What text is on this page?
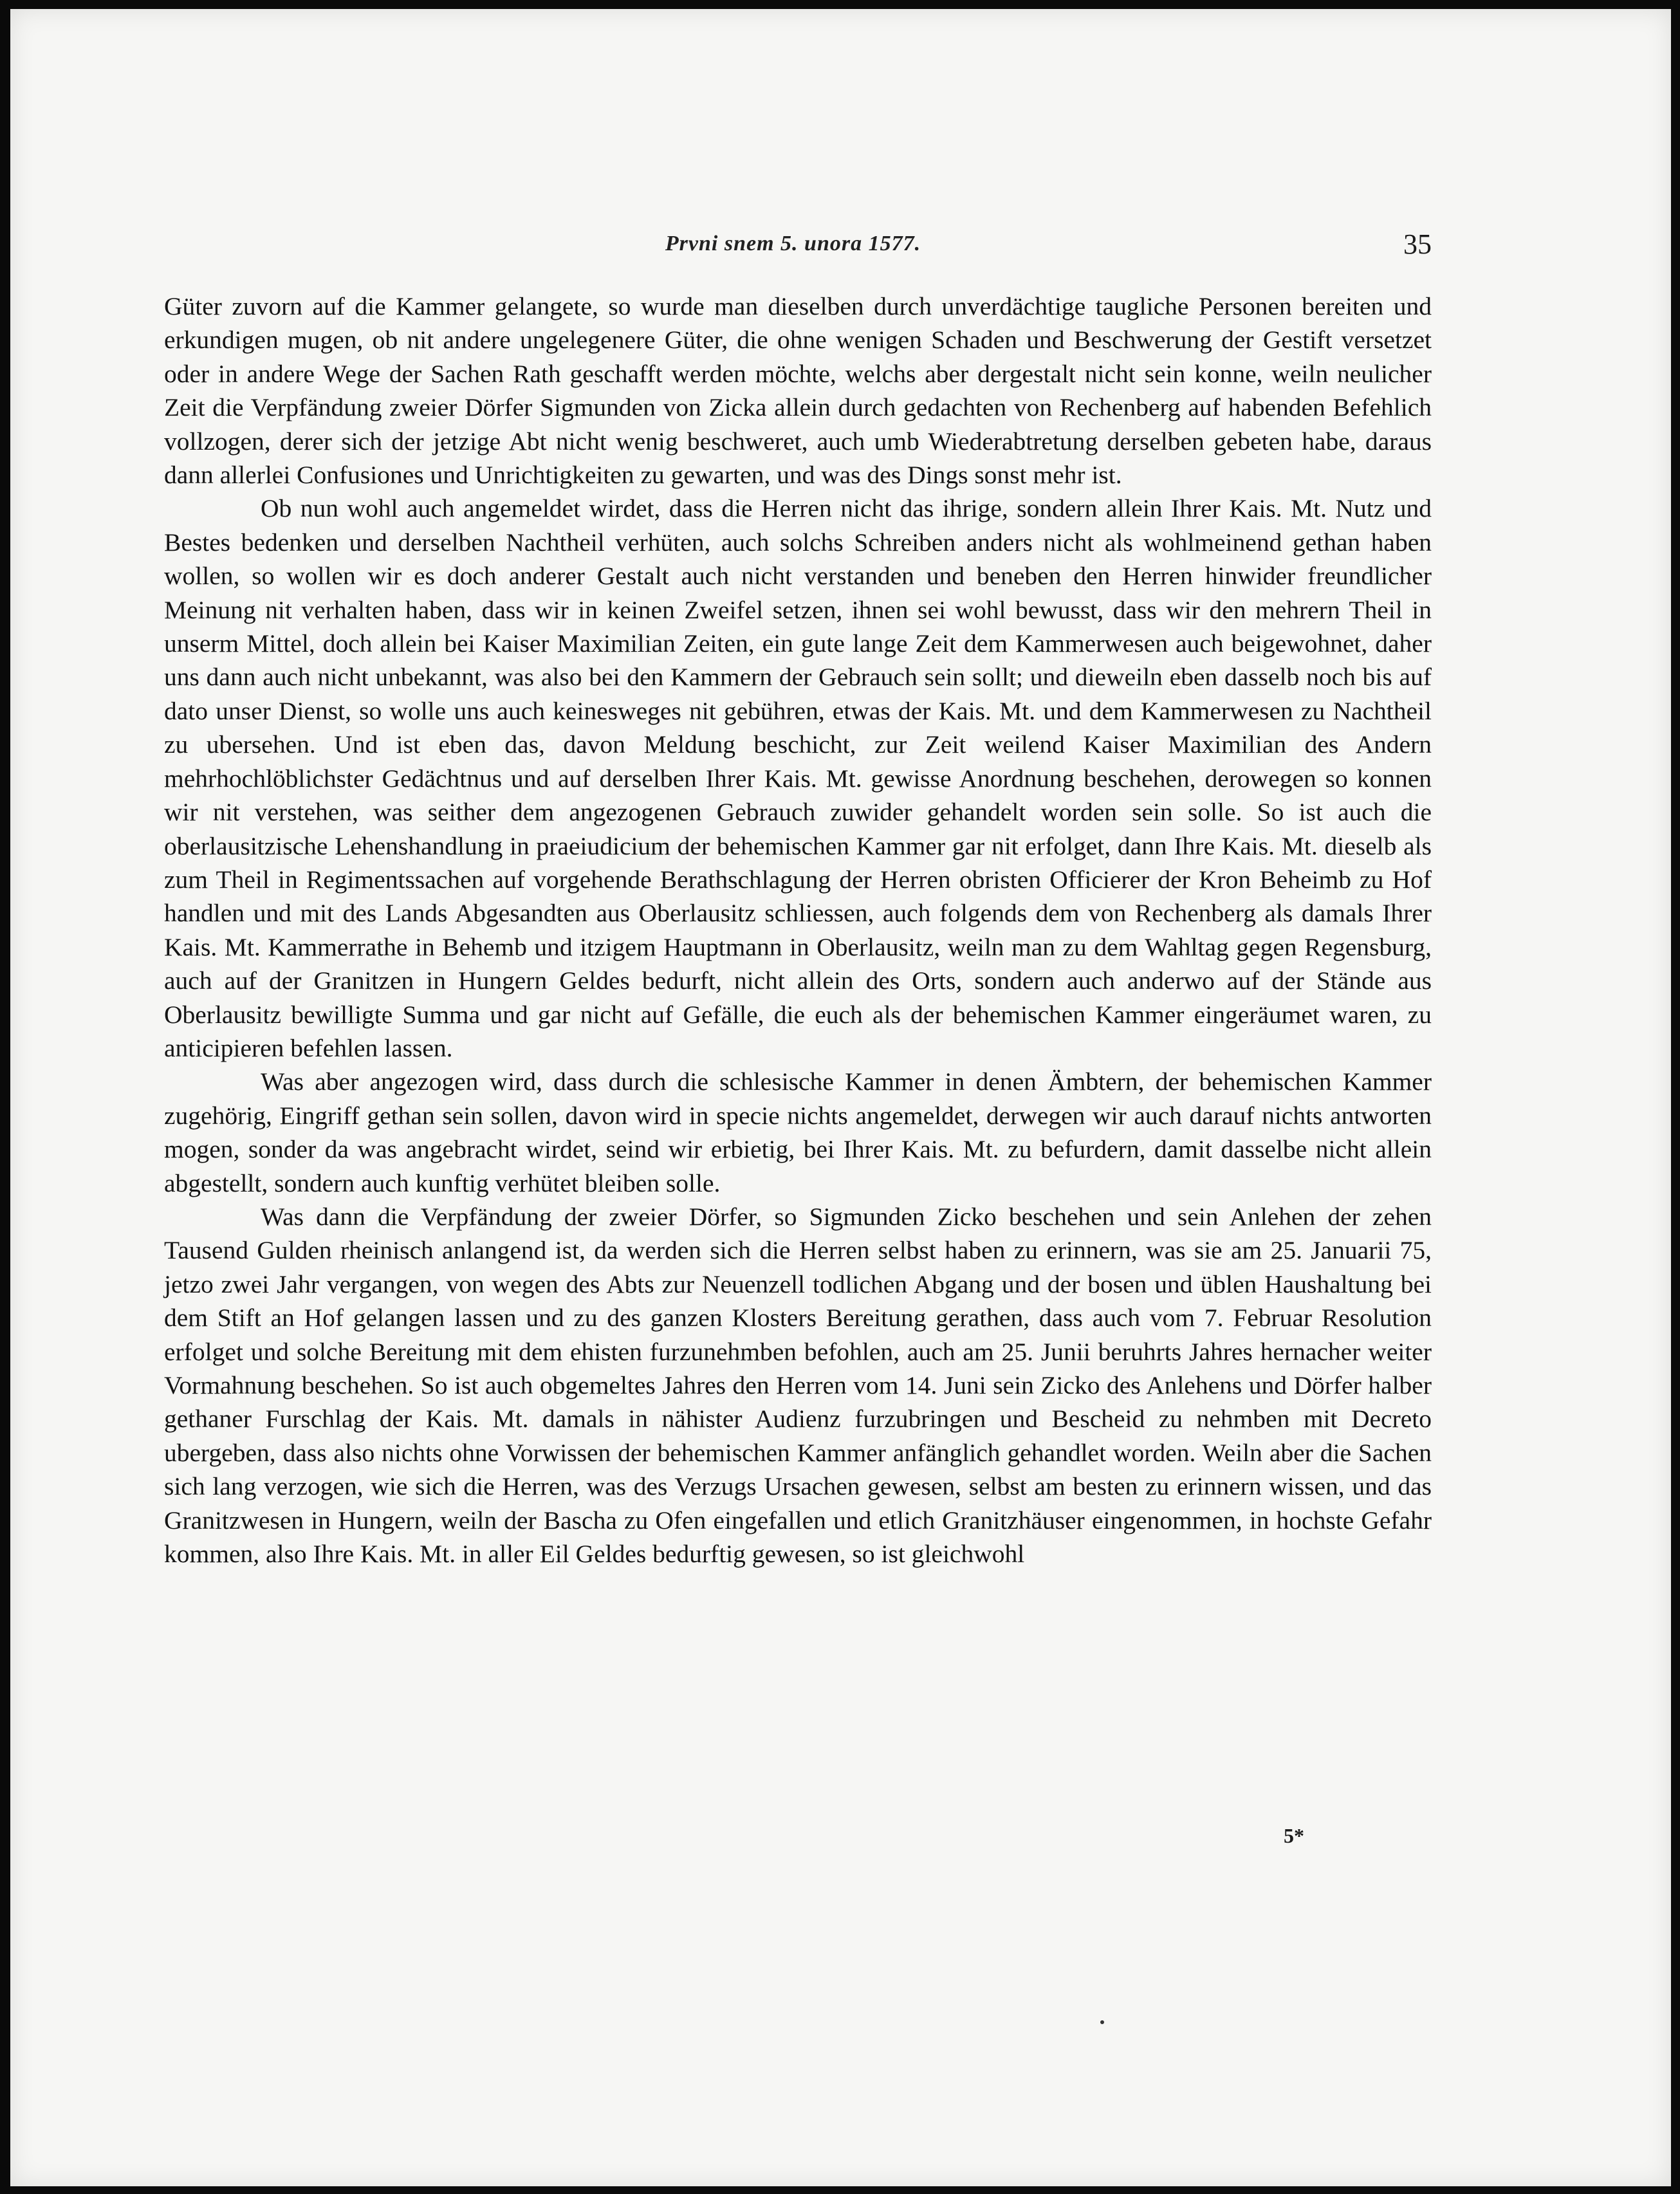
Prvni snem 5. unora 1577.	35

Güter zuvorn auf die Kammer gelangete, so wurde man dieselben durch unverdächtige taugliche Personen bereiten und erkundigen mugen, ob nit andere ungelegenere Güter, die ohne wenigen Schaden und Beschwerung der Gestift versetzet oder in andere Wege der Sachen Rath geschafft werden möchte, welchs aber dergestalt nicht sein konne, weiln neulicher Zeit die Verpfändung zweier Dörfer Sigmunden von Zicka allein durch gedachten von Rechenberg auf habenden Befehlich vollzogen, derer sich der jetzige Abt nicht wenig beschweret, auch umb Wiederabtretung derselben gebeten habe, daraus dann allerlei Confusiones und Unrichtigkeiten zu gewarten, und was des Dings sonst mehr ist.

Ob nun wohl auch angemeldet wirdet, dass die Herren nicht das ihrige, sondern allein Ihrer Kais. Mt. Nutz und Bestes bedenken und derselben Nachtheil verhüten, auch solchs Schreiben anders nicht als wohlmeinend gethan haben wollen, so wollen wir es doch anderer Gestalt auch nicht verstanden und beneben den Herren hinwider freundlicher Meinung nit verhalten haben, dass wir in keinen Zweifel setzen, ihnen sei wohl bewusst, dass wir den mehrern Theil in unserm Mittel, doch allein bei Kaiser Maximilian Zeiten, ein gute lange Zeit dem Kammerwesen auch beigewohnet, daher uns dann auch nicht unbekannt, was also bei den Kammern der Gebrauch sein sollt; und dieweiln eben dasselb noch bis auf dato unser Dienst, so wolle uns auch keinesweges nit gebühren, etwas der Kais. Mt. und dem Kammerwesen zu Nachtheil zu ubersehen. Und ist eben das, davon Meldung beschicht, zur Zeit weilend Kaiser Maximilian des Andern mehrhochlöblichster Gedächtnus und auf derselben Ihrer Kais. Mt. gewisse Anordnung beschehen, derowegen so konnen wir nit verstehen, was seither dem angezogenen Gebrauch zuwider gehandelt worden sein solle. So ist auch die oberlausitzische Lehenshandlung in praeiudicium der behemischen Kammer gar nit erfolget, dann Ihre Kais. Mt. dieselb als zum Theil in Regimentssachen auf vorgehende Berathschlagung der Herren obristen Officierer der Kron Beheimb zu Hof handlen und mit des Lands Abgesandten aus Oberlausitz schliessen, auch folgends dem von Rechenberg als damals Ihrer Kais. Mt. Kammerrathe in Behemb und itzigem Hauptmann in Oberlausitz, weiln man zu dem Wahltag gegen Regensburg, auch auf der Granitzen in Hungern Geldes bedurft, nicht allein des Orts, sondern auch anderwo auf der Stände aus Oberlausitz bewilligte Summa und gar nicht auf Gefälle, die euch als der behemischen Kammer eingeräumet waren, zu anticipieren befehlen lassen.

Was aber angezogen wird, dass durch die schlesische Kammer in denen Ämbtern, der behemischen Kammer zugehörig, Eingriff gethan sein sollen, davon wird in specie nichts angemeldet, derwegen wir auch darauf nichts antworten mogen, sonder da was angebracht wirdet, seind wir erbietig, bei Ihrer Kais. Mt. zu befurdern, damit dasselbe nicht allein abgestellt, sondern auch kunftig verhütet bleiben solle.

Was dann die Verpfändung der zweier Dörfer, so Sigmunden Zicko beschehen und sein Anlehen der zehen Tausend Gulden rheinisch anlangend ist, da werden sich die Herren selbst haben zu erinnern, was sie am 25. Januarii 75, jetzo zwei Jahr vergangen, von wegen des Abts zur Neuenzell todlichen Abgang und der bosen und üblen Haushaltung bei dem Stift an Hof gelangen lassen und zu des ganzen Klosters Bereitung gerathen, dass auch vom 7. Februar Resolution erfolget und solche Bereitung mit dem ehisten furzunehmben befohlen, auch am 25. Junii beruhrts Jahres hernacher weiter Vormahnung beschehen. So ist auch obgemeltes Jahres den Herren vom 14. Juni sein Zicko des Anlehens und Dörfer halber gethaner Furschlag der Kais. Mt. damals in nähister Audienz furzubringen und Bescheid zu nehmben mit Decreto ubergeben, dass also nichts ohne Vorwissen der behemischen Kammer anfänglich gehandlet worden. Weiln aber die Sachen sich lang verzogen, wie sich die Herren, was des Verzugs Ursachen gewesen, selbst am besten zu erinnern wissen, und das Granitzwesen in Hungern, weiln der Bascha zu Ofen eingefallen und etlich Granitzhäuser eingenommen, in hochste Gefahr kommen, also Ihre Kais. Mt. in aller Eil Geldes bedurftig gewesen, so ist gleichwohl

5*
